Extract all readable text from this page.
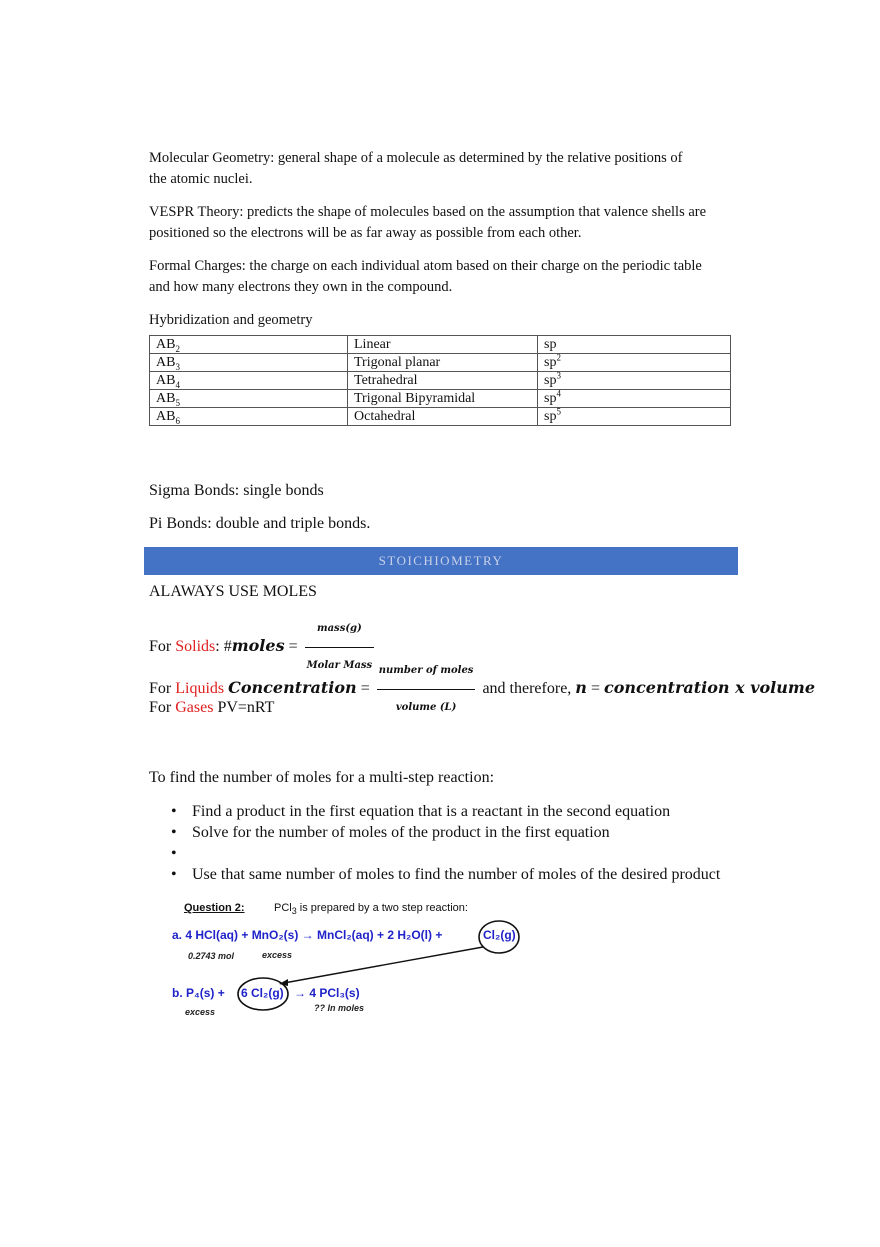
Molecular Geometry: general shape of a molecule as determined by the relative positions of
the atomic nuclei.

VESPR Theory: predicts the shape of molecules based on the assumption that valence shells are
positioned so the electrons will be as far away as possible from each other.

Formal Charges: the charge on each individual atom based on their charge on the periodic table
and how many electrons they own in the compound.

Hybridization and geometry

$AB_2$	Linear	sp
$AB_3$	Trigonal planar	$sp^2$
$AB_4$	Tetrahedral	$sp^3$
$AB_5$	Trigonal Bipyramidal	$sp^4$
$AB_6$	Octahedral	$sp^5$

Sigma Bonds: single bonds

Pi Bonds: double and triple bonds.

STOICHIOMETRY

ALAWAYS USE MOLES

For Solids: #moles = $\frac{\text{mass(g)}}{\text{Molar Mass}}$
For Liquids Concentration = $\frac{\text{number of moles}}{\text{volume (L)}}$ and therefore, n = concentration x volume
For Gases PV=nRT

To find the number of moles for a multi-step reaction:

• Find a product in the first equation that is a reactant in the second equation
• Solve for the number of moles of the product in the first equation
•
• Use that same number of moles to find the number of moles of the desired product
Question 2:	PCl$_3$ is prepared by a two step reaction:
a. 4 HCl(aq) + MnO₂(s) → MnCl₂(aq) + 2 H₂O(l) +	Cl₂(g)
0.2743 mol	excess
b. P₄(s) + 6 Cl₂(g) → 4 PCl₃(s)
excess	?? In moles
